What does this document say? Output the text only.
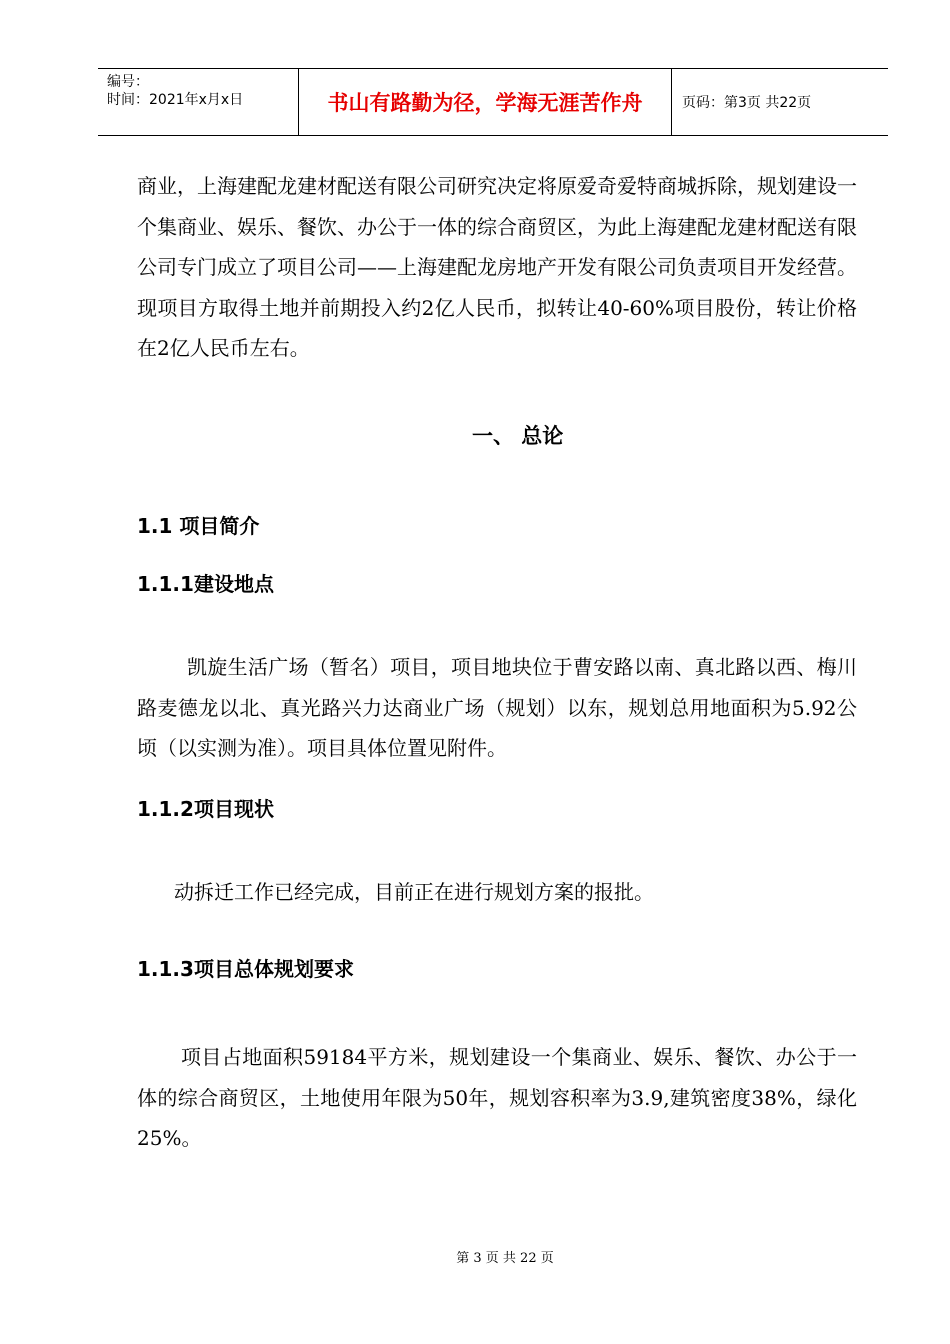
编号：
时间：2021年x月x日	书山有路勤为径，学海无涯苦作舟	页码：第3页 共22页

商业，上海建配龙建材配送有限公司研究决定将原爱奇爱特商城拆除，规划建设一个集商业、娱乐、餐饮、办公于一体的综合商贸区，为此上海建配龙建材配送有限公司专门成立了项目公司——上海建配龙房地产开发有限公司负责项目开发经营。现项目方取得土地并前期投入约2亿人民币，拟转让40-60%项目股份，转让价格在2亿人民币左右。

一、 总论
1.1 项目简介
1.1.1建设地点

凯旋生活广场（暂名）项目，项目地块位于曹安路以南、真北路以西、梅川路麦德龙以北、真光路兴力达商业广场（规划）以东，规划总用地面积为5.92公顷（以实测为准）。项目具体位置见附件。

1.1.2项目现状

动拆迁工作已经完成，目前正在进行规划方案的报批。

1.1.3项目总体规划要求

项目占地面积59184平方米，规划建设一个集商业、娱乐、餐饮、办公于一体的综合商贸区，土地使用年限为50年，规划容积率为3.9,建筑密度38%，绿化25%。

第 3 页 共 22 页
